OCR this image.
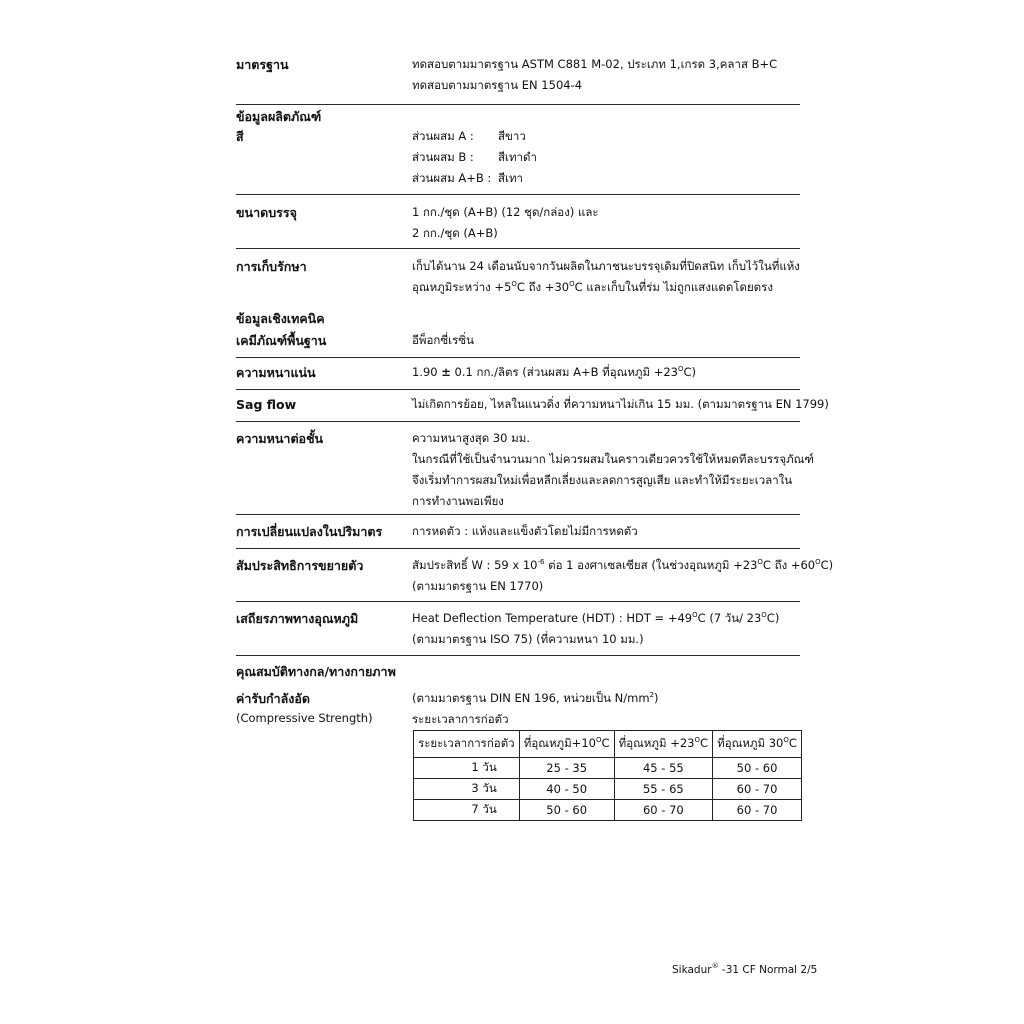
มาตรฐาน	ทดสอบตามมาตรฐาน ASTM C881 M-02, ประเภท 1,เกรด 3,คลาส B+C
ทดสอบตามมาตรฐาน EN 1504-4
ข้อมูลผลิตภัณฑ์
สี	ส่วนผสม A :	สีขาว
ส่วนผสม B :	สีเทาดำ
ส่วนผสม A+B : สีเทา
ขนาดบรรจุ	1 กก./ชุด (A+B) (12 ชุด/กล่อง) และ
2 กก./ชุด (A+B)
การเก็บรักษา	เก็บได้นาน 24 เดือนนับจากวันผลิตในภาชนะบรรจุเดิมที่ปิดสนิท เก็บไว้ในที่แห้ง
อุณหภูมิระหว่าง $+5^OC$ ถึง $+30^OC$ และเก็บในที่ร่ม ไม่ถูกแสงแดดโดยตรง
ข้อมูลเชิงเทคนิค
เคมีภัณฑ์พื้นฐาน	อีพ็อกซี่เรซิ่น
ความหนาแน่น	1.90 ± 0.1 กก./ลิตร (ส่วนผสม A+B ที่อุณหภูมิ $+23^OC$)
Sag flow	ไม่เกิดการย้อย, ไหลในแนวดิ่ง ที่ความหนาไม่เกิน 15 มม. (ตามมาตรฐาน EN 1799)
ความหนาต่อชั้น	ความหนาสูงสุด 30 มม.
ในกรณีที่ใช้เป็นจำนวนมาก ไม่ควรผสมในคราวเดียวควรใช้ให้หมดทีละบรรจุภัณฑ์
จึงเริ่มทำการผสมใหม่เพื่อหลีกเลี่ยงและลดการสูญเสีย และทำให้มีระยะเวลาใน
การทำงานพอเพียง
การเปลี่ยนแปลงในปริมาตร	การหดตัว : แห้งและแข็งตัวโดยไม่มีการหดตัว
สัมประสิทธิการขยายตัว	สัมประสิทธิ์ W : 59 x $10^{-6}$ ต่อ 1 องศาเซลเซียส (ในช่วงอุณหภูมิ $+23^OC$ ถึง $+60^OC$)
(ตามมาตรฐาน EN 1770)
เสถียรภาพทางอุณหภูมิ	Heat Deflection Temperature (HDT) : HDT = $+49^OC$ (7 วัน/ $23^OC$)
(ตามมาตรฐาน ISO 75) (ที่ความหนา 10 มม.)
คุณสมบัติทางกล/ทางกายภาพ
ค่ารับกำลังอัด
(Compressive Strength)
(ตามมาตรฐาน DIN EN 196, หน่วยเป็น $N/mm^2$)
ระยะเวลาการก่อตัว
ระยะเวลาการก่อตัว	ที่อุณหภูมิ$+10^OC$	ที่อุณหภูมิ $+23^OC$	ที่อุณหภูมิ $30^OC$
1 วัน	25 - 35	45 - 55	50 - 60
3 วัน	40 - 50	55 - 65	60 - 70
7 วัน	50 - 60	60 - 70	60 - 70
Sikadur® -31 CF Normal 2/5
